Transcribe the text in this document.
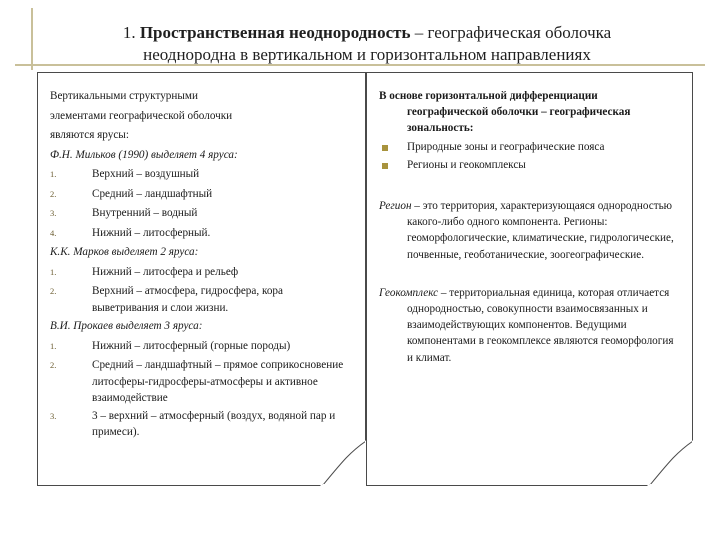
1. Пространственная неоднородность – географическая оболочка
неоднородна в вертикальном и горизонтальном направлениях

Вертикальными структурными

элементами географической оболочки

являются ярусы:

Ф.Н. Мильков (1990) выделяет 4 яруса:

1.	Верхний – воздушный
2.	Средний – ландшафтный
3.	Внутренний – водный
4.	Нижний – литосферный.

К.К. Марков выделяет 2 яруса:

1.	Нижний – литосфера и рельеф
2.	Верхний – атмосфера, гидросфера, кора выветривания и слои жизни.

В.И. Прокаев выделяет 3 яруса:

1.	Нижний – литосферный (горные породы)
2.	Средний – ландшафтный – прямое соприкосновение литосферы-гидросферы-атмосферы и активное взаимодействие
3.	3 – верхний – атмосферный (воздух, водяной пар и примеси).
В основе горизонтальной дифференциации географической оболочки – географическая зональность:
Природные зоны и географические пояса
Регионы и геокомплексы

Регион – это территория, характеризующаяся однородностью какого-либо одного компонента. Регионы: геоморфологические, климатические, гидрологические, почвенные, геоботанические, зоогеографические.

Геокомплекс – территориальная единица, которая отличается однородностью, совокупности взаимосвязанных и взаимодействующих компонентов. Ведущими компонентами в геокомплексе являются геоморфология и климат.
